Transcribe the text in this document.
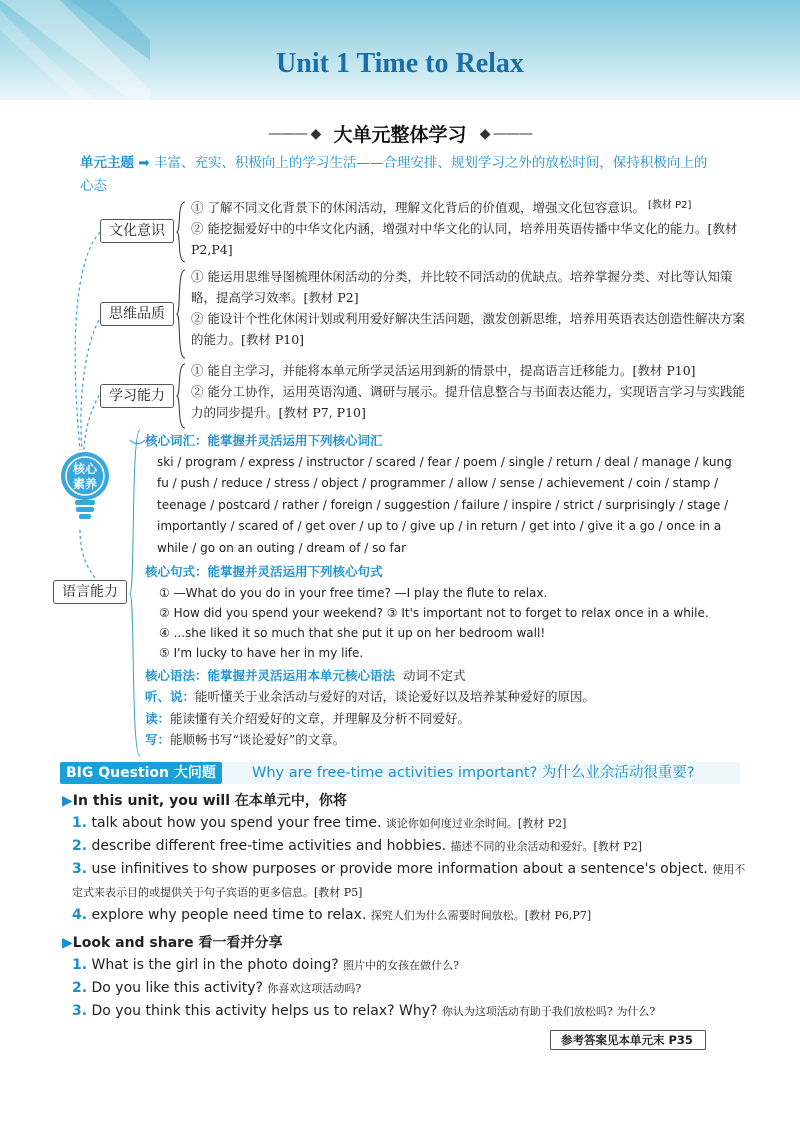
Unit 1 Time to Relax
——— ◆ 大单元整体学习 ◆ ———
单元主题 ➡ 丰富、充实、积极向上的学习生活——合理安排、规划学习之外的放松时间，保持积极向上的心态
[教材 P2]
文化意识
① 了解不同文化背景下的休闲活动，理解文化背后的价值观，增强文化包容意识。
② 能挖掘爱好中的中华文化内涵，增强对中华文化的认同，培养用英语传播中华文化的能力。[教材 P2,P4]
思维品质
① 能运用思维导图梳理休闲活动的分类，并比较不同活动的优缺点。培养掌握分类、对比等认知策略，提高学习效率。[教材 P2]
② 能设计个性化休闲计划或利用爱好解决生活问题，激发创新思维，培养用英语表达创造性解决方案的能力。[教材 P10]
学习能力
① 能自主学习，并能将本单元所学灵活运用到新的情景中，提高语言迁移能力。[教材 P10]
② 能分工协作，运用英语沟通、调研与展示。提升信息整合与书面表达能力，实现语言学习与实践能力的同步提升。[教材 P7, P10]
核心
素养
语言能力
核心词汇：能掌握并灵活运用下列核心词汇
ski / program / express / instructor / scared / fear / poem / single / return / deal / manage / kung fu / push / reduce / stress / object / programmer / allow / sense / achievement / coin / stamp / teenage / postcard / rather / foreign / suggestion / failure / inspire / strict / surprisingly / stage / importantly / scared of / get over / up to / give up / in return / get into / give it a go / once in a while / go on an outing / dream of / so far
核心句式：能掌握并灵活运用下列核心句式
① —What do you do in your free time? —I play the flute to relax.
② How did you spend your weekend? ③ It's important not to forget to relax once in a while.
④ ...she liked it so much that she put it up on her bedroom wall!
⑤ I'm lucky to have her in my life.
核心语法：能掌握并灵活运用本单元核心语法 动词不定式
听、说：能听懂关于业余活动与爱好的对话，谈论爱好以及培养某种爱好的原因。
读：能读懂有关介绍爱好的文章，并理解及分析不同爱好。
写：能顺畅书写“谈论爱好”的文章。
BIG Question 大问题	Why are free-time activities important? 为什么业余活动很重要?
▶In this unit, you will 在本单元中，你将
1. talk about how you spend your free time. 谈论你如何度过业余时间。[教材 P2]
2. describe different free-time activities and hobbies. 描述不同的业余活动和爱好。[教材 P2]
3. use infinitives to show purposes or provide more information about a sentence's object. 使用不定式来表示目的或提供关于句子宾语的更多信息。[教材 P5]
4. explore why people need time to relax. 探究人们为什么需要时间放松。[教材 P6,P7]
▶Look and share 看一看并分享
1. What is the girl in the photo doing? 照片中的女孩在做什么?
2. Do you like this activity? 你喜欢这项活动吗?
3. Do you think this activity helps us to relax? Why? 你认为这项活动有助于我们放松吗? 为什么?
参考答案见本单元末 P35
